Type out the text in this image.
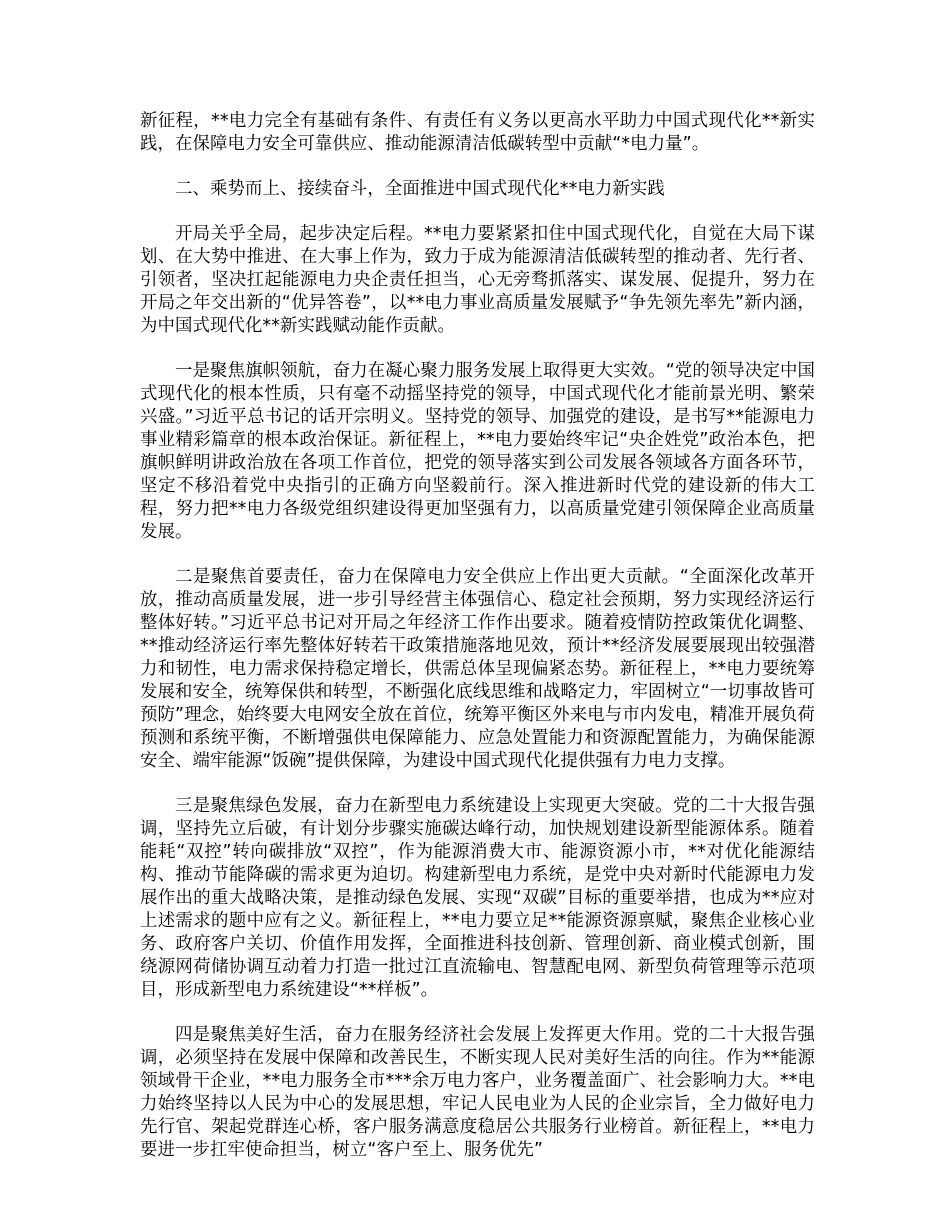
新征程，**电力完全有基础有条件、有责任有义务以更高水平助力中国式现代化**新实践，在保障电力安全可靠供应、推动能源清洁低碳转型中贡献“*电力量”。

二、乘势而上、接续奋斗，全面推进中国式现代化**电力新实践

开局关乎全局，起步决定后程。**电力要紧紧扣住中国式现代化，自觉在大局下谋划、在大势中推进、在大事上作为，致力于成为能源清洁低碳转型的推动者、先行者、引领者，坚决扛起能源电力央企责任担当，心无旁骛抓落实、谋发展、促提升，努力在开局之年交出新的“优异答卷”，以**电力事业高质量发展赋予“争先领先率先”新内涵，为中国式现代化**新实践赋动能作贡献。

一是聚焦旗帜领航，奋力在凝心聚力服务发展上取得更大实效。“党的领导决定中国式现代化的根本性质，只有毫不动摇坚持党的领导，中国式现代化才能前景光明、繁荣兴盛。”习近平总书记的话开宗明义。坚持党的领导、加强党的建设，是书写**能源电力事业精彩篇章的根本政治保证。新征程上，**电力要始终牢记“央企姓党”政治本色，把旗帜鲜明讲政治放在各项工作首位，把党的领导落实到公司发展各领域各方面各环节，坚定不移沿着党中央指引的正确方向坚毅前行。深入推进新时代党的建设新的伟大工程，努力把**电力各级党组织建设得更加坚强有力，以高质量党建引领保障企业高质量发展。

二是聚焦首要责任，奋力在保障电力安全供应上作出更大贡献。“全面深化改革开放，推动高质量发展，进一步引导经营主体强信心、稳定社会预期，努力实现经济运行整体好转。”习近平总书记对开局之年经济工作作出要求。随着疫情防控政策优化调整、**推动经济运行率先整体好转若干政策措施落地见效，预计**经济发展要展现出较强潜力和韧性，电力需求保持稳定增长，供需总体呈现偏紧态势。新征程上，**电力要统筹发展和安全，统筹保供和转型，不断强化底线思维和战略定力，牢固树立“一切事故皆可预防”理念，始终要大电网安全放在首位，统筹平衡区外来电与市内发电，精准开展负荷预测和系统平衡，不断增强供电保障能力、应急处置能力和资源配置能力，为确保能源安全、端牢能源“饭碗”提供保障，为建设中国式现代化提供强有力电力支撑。

三是聚焦绿色发展，奋力在新型电力系统建设上实现更大突破。党的二十大报告强调，坚持先立后破，有计划分步骤实施碳达峰行动，加快规划建设新型能源体系。随着能耗“双控”转向碳排放“双控”，作为能源消费大市、能源资源小市，**对优化能源结构、推动节能降碳的需求更为迫切。构建新型电力系统，是党中央对新时代能源电力发展作出的重大战略决策，是推动绿色发展、实现“双碳”目标的重要举措，也成为**应对上述需求的题中应有之义。新征程上，**电力要立足**能源资源禀赋，聚焦企业核心业务、政府客户关切、价值作用发挥，全面推进科技创新、管理创新、商业模式创新，围绕源网荷储协调互动着力打造一批过江直流输电、智慧配电网、新型负荷管理等示范项目，形成新型电力系统建设“**样板”。

四是聚焦美好生活，奋力在服务经济社会发展上发挥更大作用。党的二十大报告强调，必须坚持在发展中保障和改善民生，不断实现人民对美好生活的向往。作为**能源领域骨干企业，**电力服务全市***余万电力客户，业务覆盖面广、社会影响力大。**电力始终坚持以人民为中心的发展思想，牢记人民电业为人民的企业宗旨，全力做好电力先行官、架起党群连心桥，客户服务满意度稳居公共服务行业榜首。新征程上，**电力要进一步扛牢使命担当，树立“客户至上、服务优先”
